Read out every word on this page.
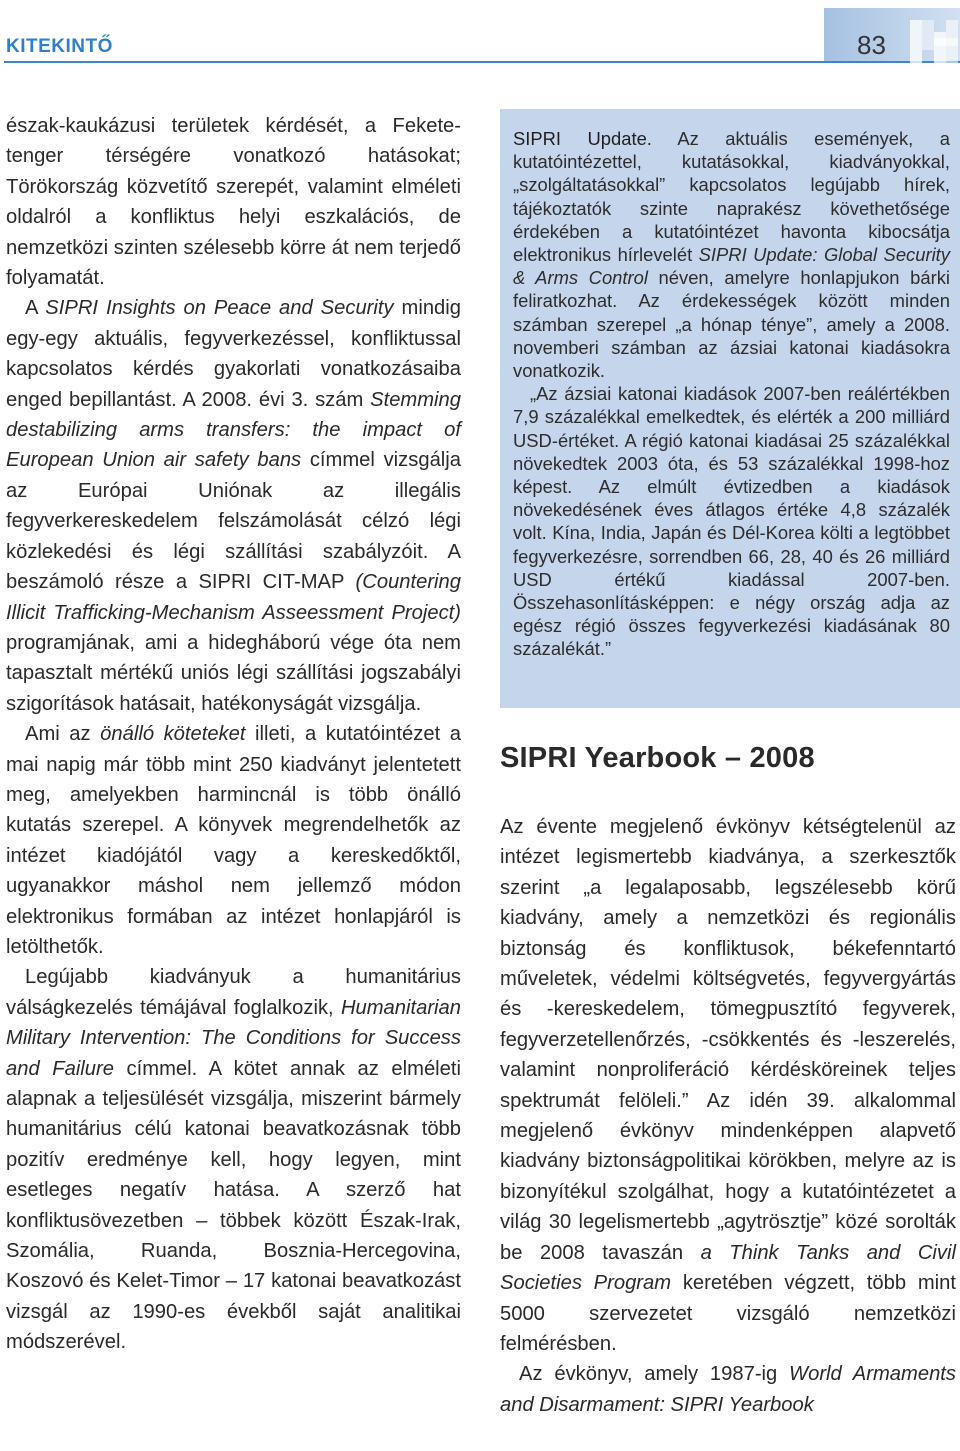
KITEKINTŐ	83

észak-kaukázusi területek kérdését, a Fekete-tenger térségére vonatkozó hatásokat; Törökország közvetítő szerepét, valamint elméleti oldalról a konfliktus helyi eszkalációs, de nemzetközi szinten szélesebb körre át nem terjedő folyamatát.

A SIPRI Insights on Peace and Security mindig egy-egy aktuális, fegyverkezéssel, konfliktussal kapcsolatos kérdés gyakorlati vonatkozásaiba enged bepillantást. A 2008. évi 3. szám Stemming destabilizing arms transfers: the impact of European Union air safety bans címmel vizsgálja az Európai Uniónak az illegális fegyverkereskedelem felszámolását célzó légi közlekedési és légi szállítási szabályzóit. A beszámoló része a SIPRI CIT-MAP (Countering Illicit Trafficking-Mechanism Asseessment Project) programjának, ami a hidegháború vége óta nem tapasztalt mértékű uniós légi szállítási jogszabályi szigorítások hatásait, hatékonyságát vizsgálja.

Ami az önálló köteteket illeti, a kutatóintézet a mai napig már több mint 250 kiadványt jelentetett meg, amelyekben harmincnál is több önálló kutatás szerepel. A könyvek megrendelhetők az intézet kiadójától vagy a kereskedőktől, ugyanakkor máshol nem jellemző módon elektronikus formában az intézet honlapjáról is letölthetők.

Legújabb kiadványuk a humanitárius válságkezelés témájával foglalkozik, Humanitarian Military Intervention: The Conditions for Success and Failure címmel. A kötet annak az elméleti alapnak a teljesülését vizsgálja, miszerint bármely humanitárius célú katonai beavatkozásnak több pozitív eredménye kell, hogy legyen, mint esetleges negatív hatása. A szerző hat konfliktusövezetben – többek között Észak-Irak, Szomália, Ruanda, Bosznia-Hercegovina, Koszovó és Kelet-Timor – 17 katonai beavatkozást vizsgál az 1990-es évekből saját analitikai módszerével.

SIPRI Update. Az aktuális események, a kutatóintézettel, kutatásokkal, kiadványokkal, „szolgáltatásokkal” kapcsolatos legújabb hírek, tájékoztatók szinte naprakész követhetősége érdekében a kutatóintézet havonta kibocsátja elektronikus hírlevelét SIPRI Update: Global Security & Arms Control néven, amelyre honlapjukon bárki feliratkozhat. Az érdekességek között minden számban szerepel „a hónap ténye”, amely a 2008. novemberi számban az ázsiai katonai kiadásokra vonatkozik.

„Az ázsiai katonai kiadások 2007-ben reálértékben 7,9 százalékkal emelkedtek, és elérték a 200 milliárd USD-értéket. A régió katonai kiadásai 25 százalékkal növekedtek 2003 óta, és 53 százalékkal 1998-hoz képest. Az elmúlt évtizedben a kiadások növekedésének éves átlagos értéke 4,8 százalék volt. Kína, India, Japán és Dél-Korea költi a legtöbbet fegyverkezésre, sorrendben 66, 28, 40 és 26 milliárd USD értékű kiadással 2007-ben. Összehasonlításképpen: e négy ország adja az egész régió összes fegyverkezési kiadásának 80 százalékát.”

SIPRI Yearbook – 2008

Az évente megjelenő évkönyv kétségtelenül az intézet legismertebb kiadványa, a szerkesztők szerint „a legalaposabb, legszélesebb körű kiadvány, amely a nemzetközi és regionális biztonság és konfliktusok, békefenntartó műveletek, védelmi költségvetés, fegyvergyártás és -kereskedelem, tömegpusztító fegyverek, fegyverzetellenőrzés, -csökkentés és -leszerelés, valamint nonproliferáció kérdésköreinek teljes spektrumát felöleli.” Az idén 39. alkalommal megjelenő évkönyv mindenképpen alapvető kiadvány biztonságpolitikai körökben, melyre az is bizonyítékul szolgálhat, hogy a kutatóintézetet a világ 30 legelismertebb „agytrösztje” közé sorolták be 2008 tavaszán a Think Tanks and Civil Societies Program keretében végzett, több mint 5000 szervezetet vizsgáló nemzetközi felmérésben.

Az évkönyv, amely 1987-ig World Armaments and Disarmament: SIPRI Yearbook
